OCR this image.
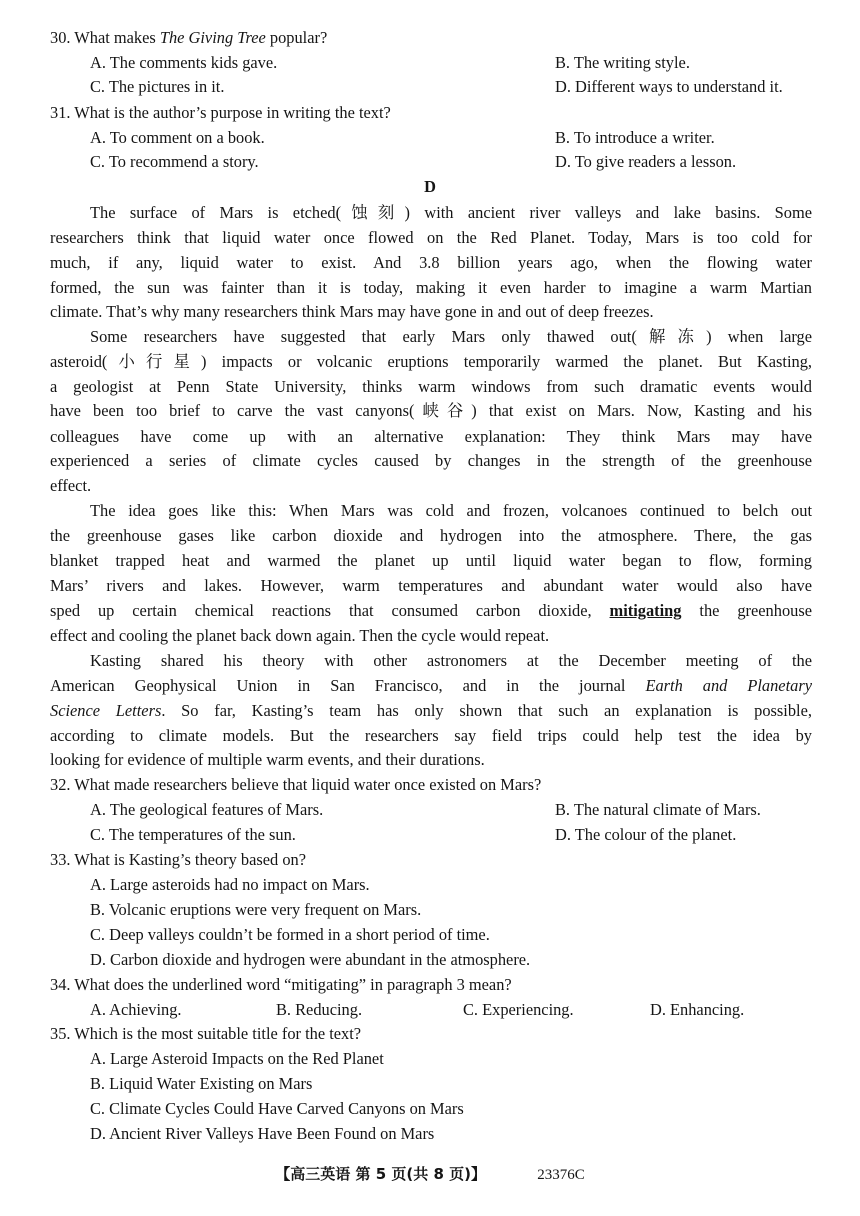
30. What makes The Giving Tree popular?
A. The comments kids gave.	B. The writing style.
C. The pictures in it.	D. Different ways to understand it.
31. What is the author’s purpose in writing the text?
A. To comment on a book.	B. To introduce a writer.
C. To recommend a story.	D. To give readers a lesson.
D
The surface of Mars is etched(蚀刻) with ancient river valleys and lake basins. Some
researchers think that liquid water once flowed on the Red Planet. Today, Mars is too cold for
much, if any, liquid water to exist. And 3.8 billion years ago, when the flowing water
formed, the sun was fainter than it is today, making it even harder to imagine a warm Martian
climate. That’s why many researchers think Mars may have gone in and out of deep freezes.
Some researchers have suggested that early Mars only thawed out(解冻) when large
asteroid(小行星) impacts or volcanic eruptions temporarily warmed the planet. But Kasting,
a geologist at Penn State University, thinks warm windows from such dramatic events would
have been too brief to carve the vast canyons(峡谷) that exist on Mars. Now, Kasting and his
colleagues have come up with an alternative explanation: They think Mars may have
experienced a series of climate cycles caused by changes in the strength of the greenhouse
effect.
The idea goes like this: When Mars was cold and frozen, volcanoes continued to belch out
the greenhouse gases like carbon dioxide and hydrogen into the atmosphere. There, the gas
blanket trapped heat and warmed the planet up until liquid water began to flow, forming
Mars’ rivers and lakes. However, warm temperatures and abundant water would also have
sped up certain chemical reactions that consumed carbon dioxide, mitigating the greenhouse
effect and cooling the planet back down again. Then the cycle would repeat.
Kasting shared his theory with other astronomers at the December meeting of the
American Geophysical Union in San Francisco, and in the journal Earth and Planetary
Science Letters. So far, Kasting’s team has only shown that such an explanation is possible,
according to climate models. But the researchers say field trips could help test the idea by
looking for evidence of multiple warm events, and their durations.
32. What made researchers believe that liquid water once existed on Mars?
A. The geological features of Mars.	B. The natural climate of Mars.
C. The temperatures of the sun.	D. The colour of the planet.
33. What is Kasting’s theory based on?
A. Large asteroids had no impact on Mars.
B. Volcanic eruptions were very frequent on Mars.
C. Deep valleys couldn’t be formed in a short period of time.
D. Carbon dioxide and hydrogen were abundant in the atmosphere.
34. What does the underlined word “mitigating” in paragraph 3 mean?
A. Achieving.	B. Reducing.	C. Experiencing.	D. Enhancing.
35. Which is the most suitable title for the text?
A. Large Asteroid Impacts on the Red Planet
B. Liquid Water Existing on Mars
C. Climate Cycles Could Have Carved Canyons on Mars
D. Ancient River Valleys Have Been Found on Mars
【高三英语 第 5 页(共 8 页)】	23376C
